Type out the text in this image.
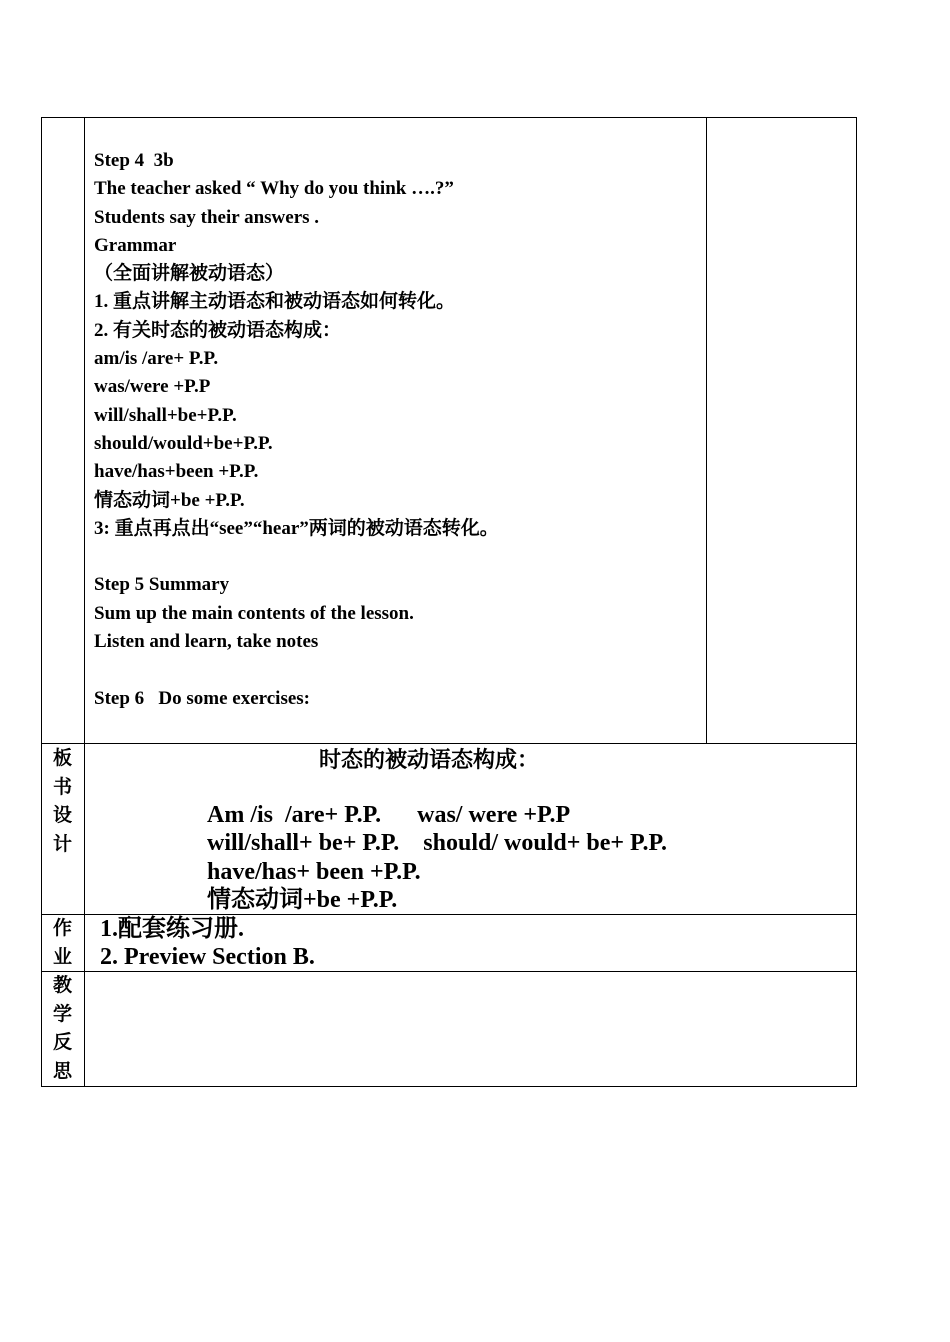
Step 4  3b
The teacher asked “ Why do you think ….?”
Students say their answers .
Grammar
（全面讲解被动语态）
1. 重点讲解主动语态和被动语态如何转化。
2. 有关时态的被动语态构成：
am/is /are+ P.P.
was/were +P.P
will/shall+be+P.P.
should/would+be+P.P.
have/has+been +P.P.
情态动词+be +P.P.
3: 重点再点出“see”“hear”两词的被动语态转化。
Step 5 Summary
Sum up the main contents of the lesson.
Listen and learn, take notes
Step 6   Do some exercises:
板
书
设
计
时态的被动语态构成：
Am /is  /are+ P.P.      was/ were +P.P
will/shall+ be+ P.P.    should/ would+ be+ P.P.
have/has+ been +P.P.
情态动词+be +P.P.
作
业
1.配套练习册.
2. Preview Section B.
教
学
反
思
